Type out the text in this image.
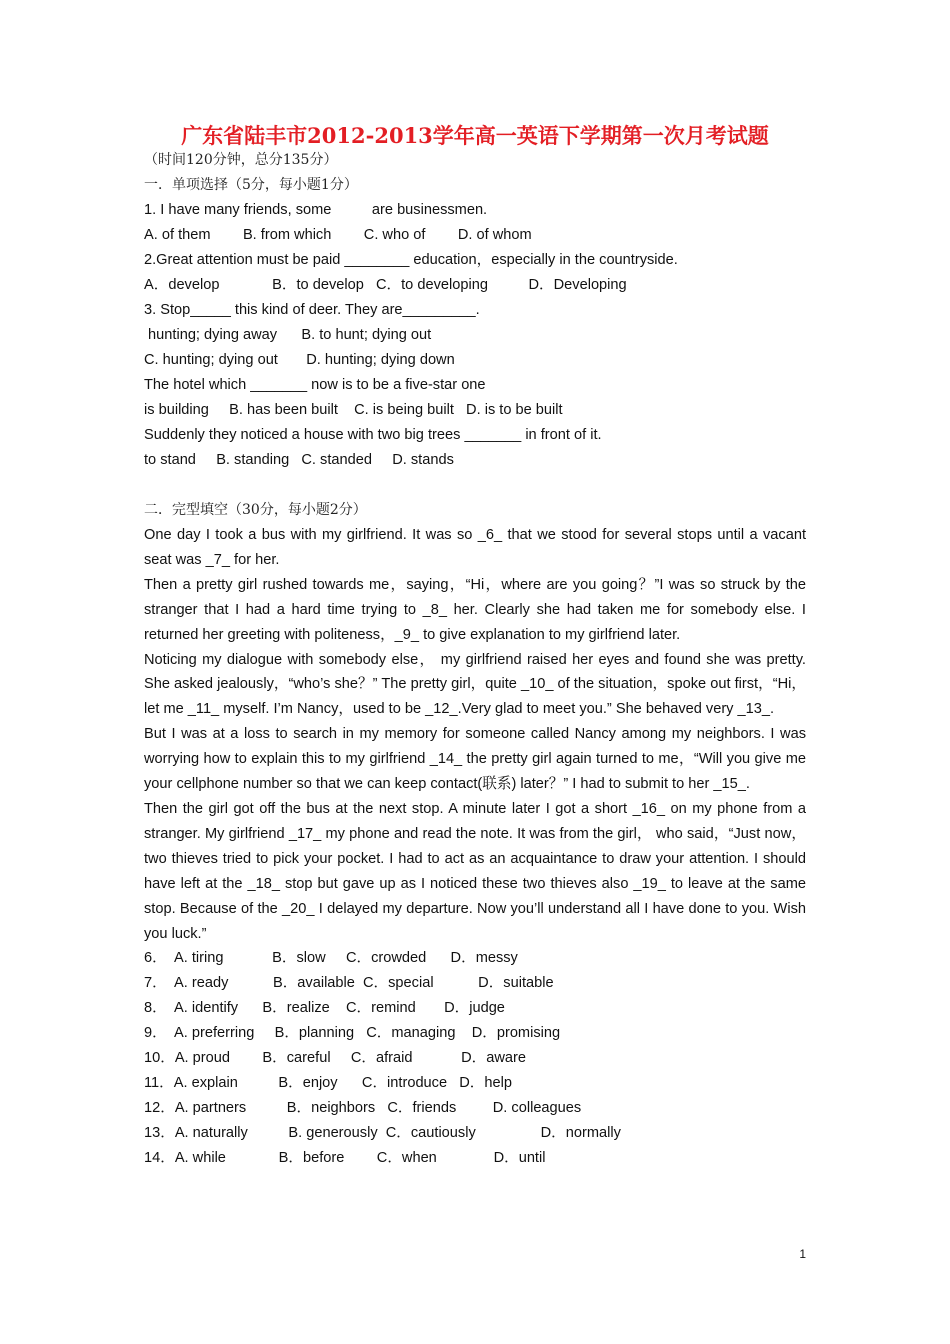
广东省陆丰市2012-2013学年高一英语下学期第一次月考试题
（时间120分钟，总分135分）
一．单项选择（5分，每小题1分）
1. I have many friends, some          are businessmen.
A. of them        B. from which        C. who of        D. of whom
2.Great attention must be paid ________ education，especially in the countryside.
A．develop             B．to develop   C．to developing          D．Developing
3. Stop_____ this kind of deer. They are_________.
hunting; dying away      B. to hunt; dying out
C. hunting; dying out       D. hunting; dying down
The hotel which _______ now is to be a five-star one
is building     B. has been built    C. is being built   D. is to be built
Suddenly they noticed a house with two big trees _______ in front of it.
to stand     B. standing   C. standed     D. stands
二．完型填空（30分，每小题2分）

One day I took a bus with my girlfriend. It was so _6_ that we stood for several stops until a vacant seat was _7_ for her.

Then a pretty girl rushed towards me，saying，“Hi，where are you going？”I was so struck by the stranger that I had a hard time trying to _8_ her. Clearly she had taken me for somebody else. I returned her greeting with politeness，_9_ to give explanation to my girlfriend later.

Noticing my dialogue with somebody else， my girlfriend raised her eyes and found she was pretty. She asked jealously，“who’s she？” The pretty girl，quite _10_ of the situation，spoke out first，“Hi，let me _11_ myself. I’m Nancy，used to be _12_.Very glad to meet you.” She behaved very _13_.

But I was at a loss to search in my memory for someone called Nancy among my neighbors. I was worrying how to explain this to my girlfriend _14_ the pretty girl again turned to me，“Will you give me your cellphone number so that we can keep contact(联系) later？” I had to submit to her _15_.

Then the girl got off the bus at the next stop. A minute later I got a short _16_ on my phone from a stranger. My girlfriend _17_ my phone and read the note. It was from the girl， who said，“Just now，two thieves tried to pick your pocket. I had to act as an acquaintance to draw your attention. I should have left at the _18_ stop but gave up as I noticed these two thieves also _19_ to leave at the same stop. Because of the _20_ I delayed my departure. Now you’ll understand all I have done to you. Wish you luck.”

6．  A. tiring            B．slow     C．crowded      D．messy
7．  A. ready           B．available  C．special           D．suitable
8．  A. identify      B．realize    C．remind       D．judge
9．  A. preferring     B．planning   C．managing    D．promising
10．A. proud        B．careful     C．afraid            D．aware
11．A. explain          B．enjoy      C．introduce   D．help
12．A. partners          B．neighbors   C．friends         D. colleagues
13．A. naturally          B. generously  C．cautiously                D．normally
14．A. while             B．before        C．when              D．until
1
